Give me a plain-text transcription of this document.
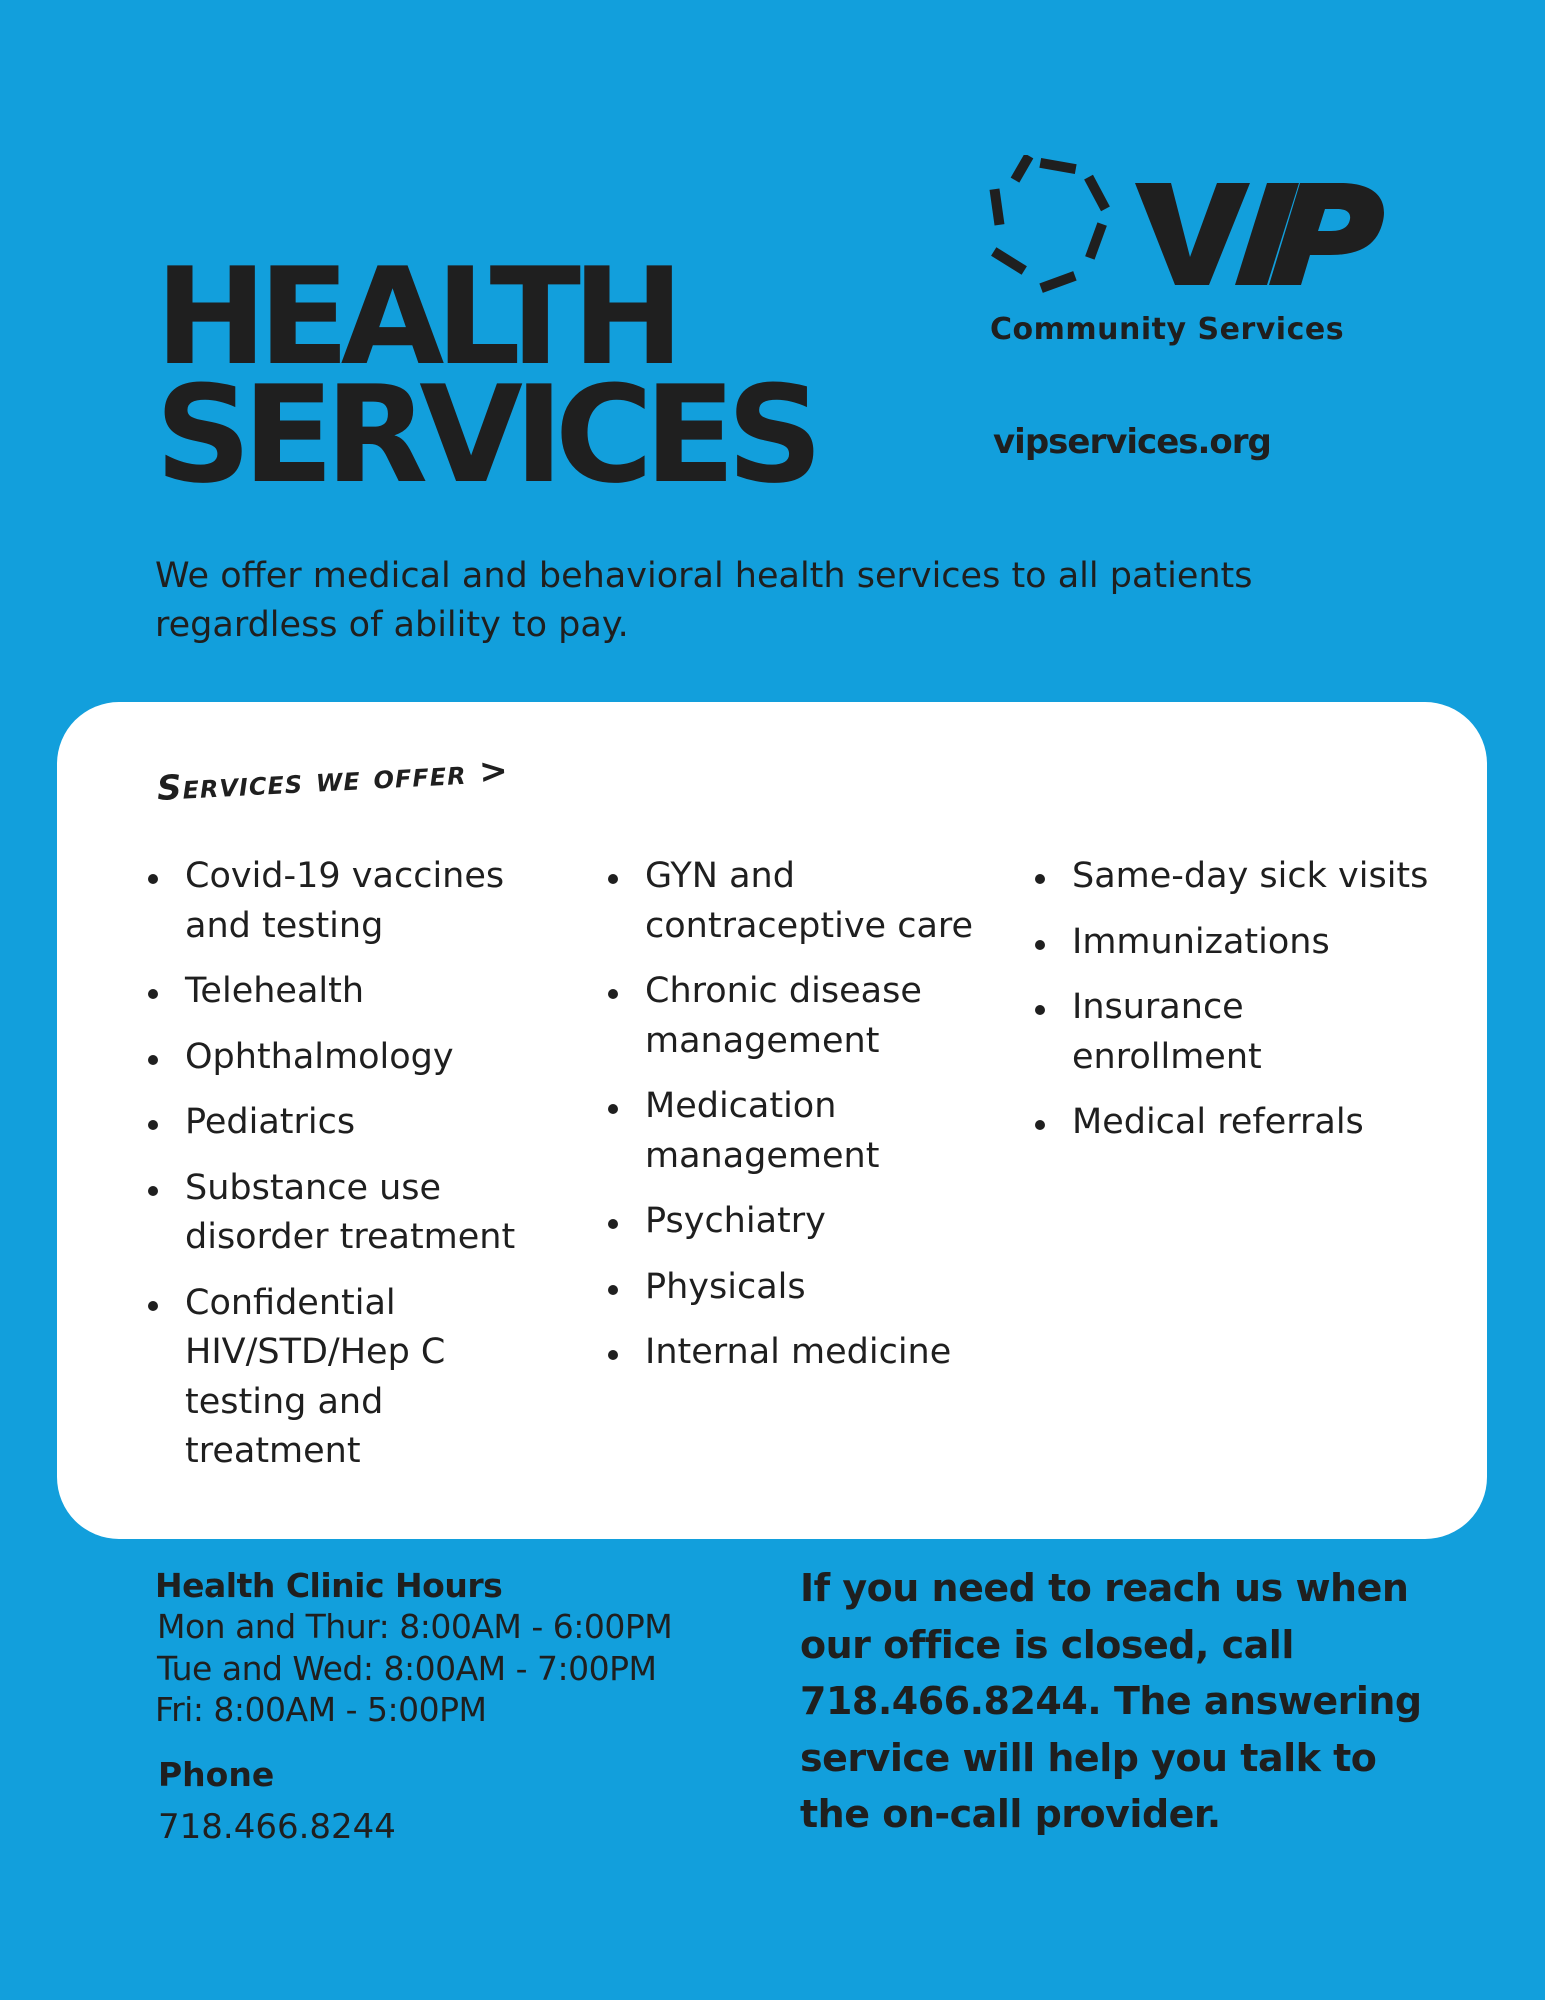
HEALTH
SERVICES
Community Services
vipservices.org

We offer medical and behavioral health services to all patients regardless of ability to pay.

Services we offer >
Covid-19 vaccines and testing
Telehealth
Ophthalmology
Pediatrics
Substance use disorder treatment
Confidential HIV/STD/Hep C testing and treatment
GYN and contraceptive care
Chronic disease management
Medication management
Psychiatry
Physicals
Internal medicine
Same-day sick visits
Immunizations
Insurance enrollment
Medical referrals
Health Clinic Hours
Mon and Thur: 8:00AM - 6:00PM
Tue and Wed: 8:00AM - 7:00PM
Fri: 8:00AM - 5:00PM
Phone
718.466.8244

If you need to reach us when our office is closed, call 718.466.8244. The answering service will help you talk to the on-call provider.
